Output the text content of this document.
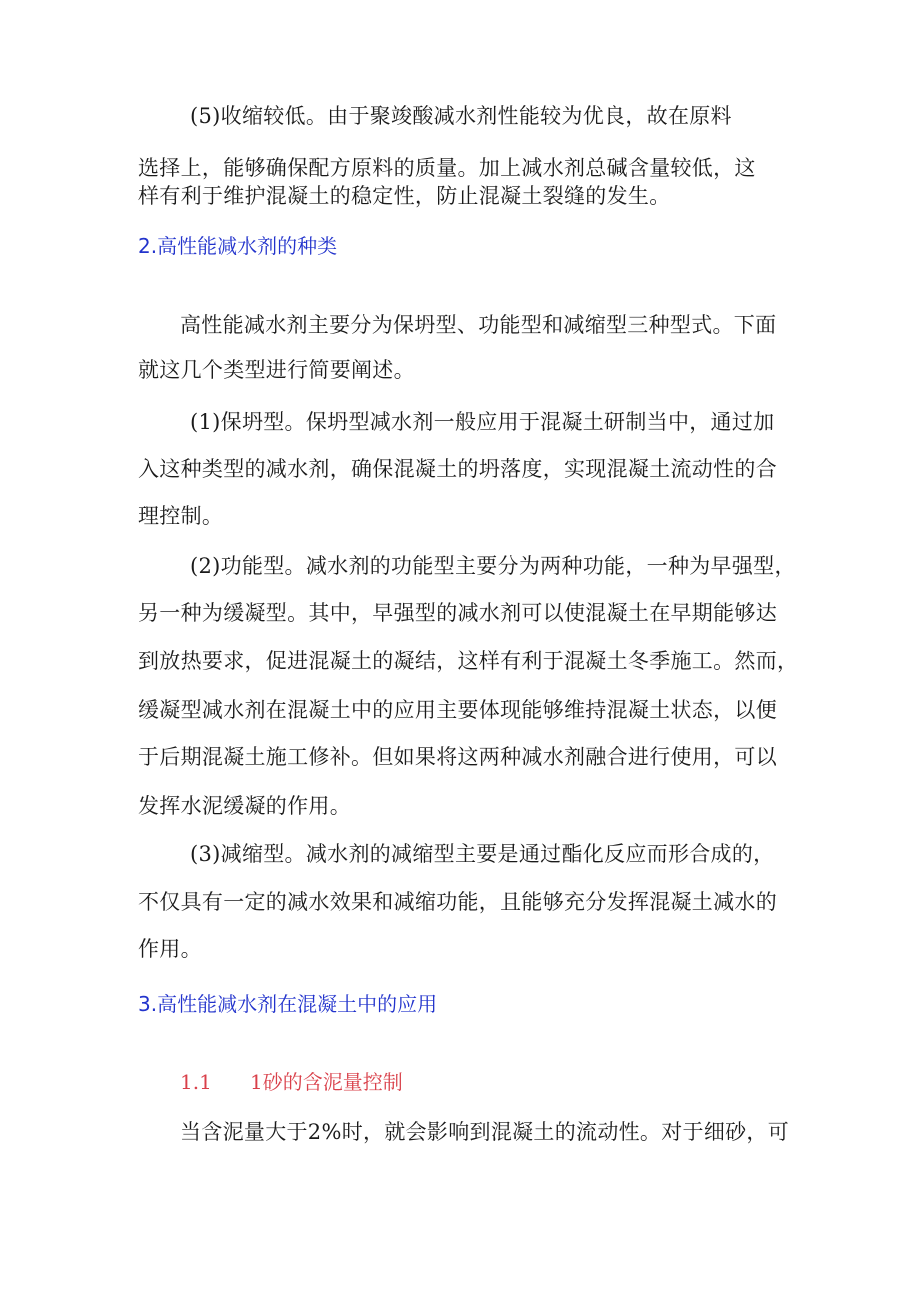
(5)收缩较低。由于聚竣酸减水剂性能较为优良，故在原料
选择上，能够确保配方原料的质量。加上减水剂总碱含量较低，这
样有利于维护混凝土的稳定性，防止混凝土裂缝的发生。
2.高性能减水剂的种类
高性能减水剂主要分为保坍型、功能型和减缩型三种型式。下面
就这几个类型进行简要阐述。
(1)保坍型。保坍型减水剂一般应用于混凝土研制当中，通过加
入这种类型的减水剂，确保混凝土的坍落度，实现混凝土流动性的合
理控制。
(2)功能型。减水剂的功能型主要分为两种功能，一种为早强型，
另一种为缓凝型。其中，早强型的减水剂可以使混凝土在早期能够达
到放热要求，促进混凝土的凝结，这样有利于混凝土冬季施工。然而，
缓凝型减水剂在混凝土中的应用主要体现能够维持混凝土状态，以便
于后期混凝土施工修补。但如果将这两种减水剂融合进行使用，可以
发挥水泥缓凝的作用。
(3)减缩型。减水剂的减缩型主要是通过酯化反应而形合成的，
不仅具有一定的减水效果和减缩功能，且能够充分发挥混凝土减水的
作用。
3.高性能减水剂在混凝土中的应用
1.1 1砂的含泥量控制
当含泥量大于2%时，就会影响到混凝土的流动性。对于细砂，可
